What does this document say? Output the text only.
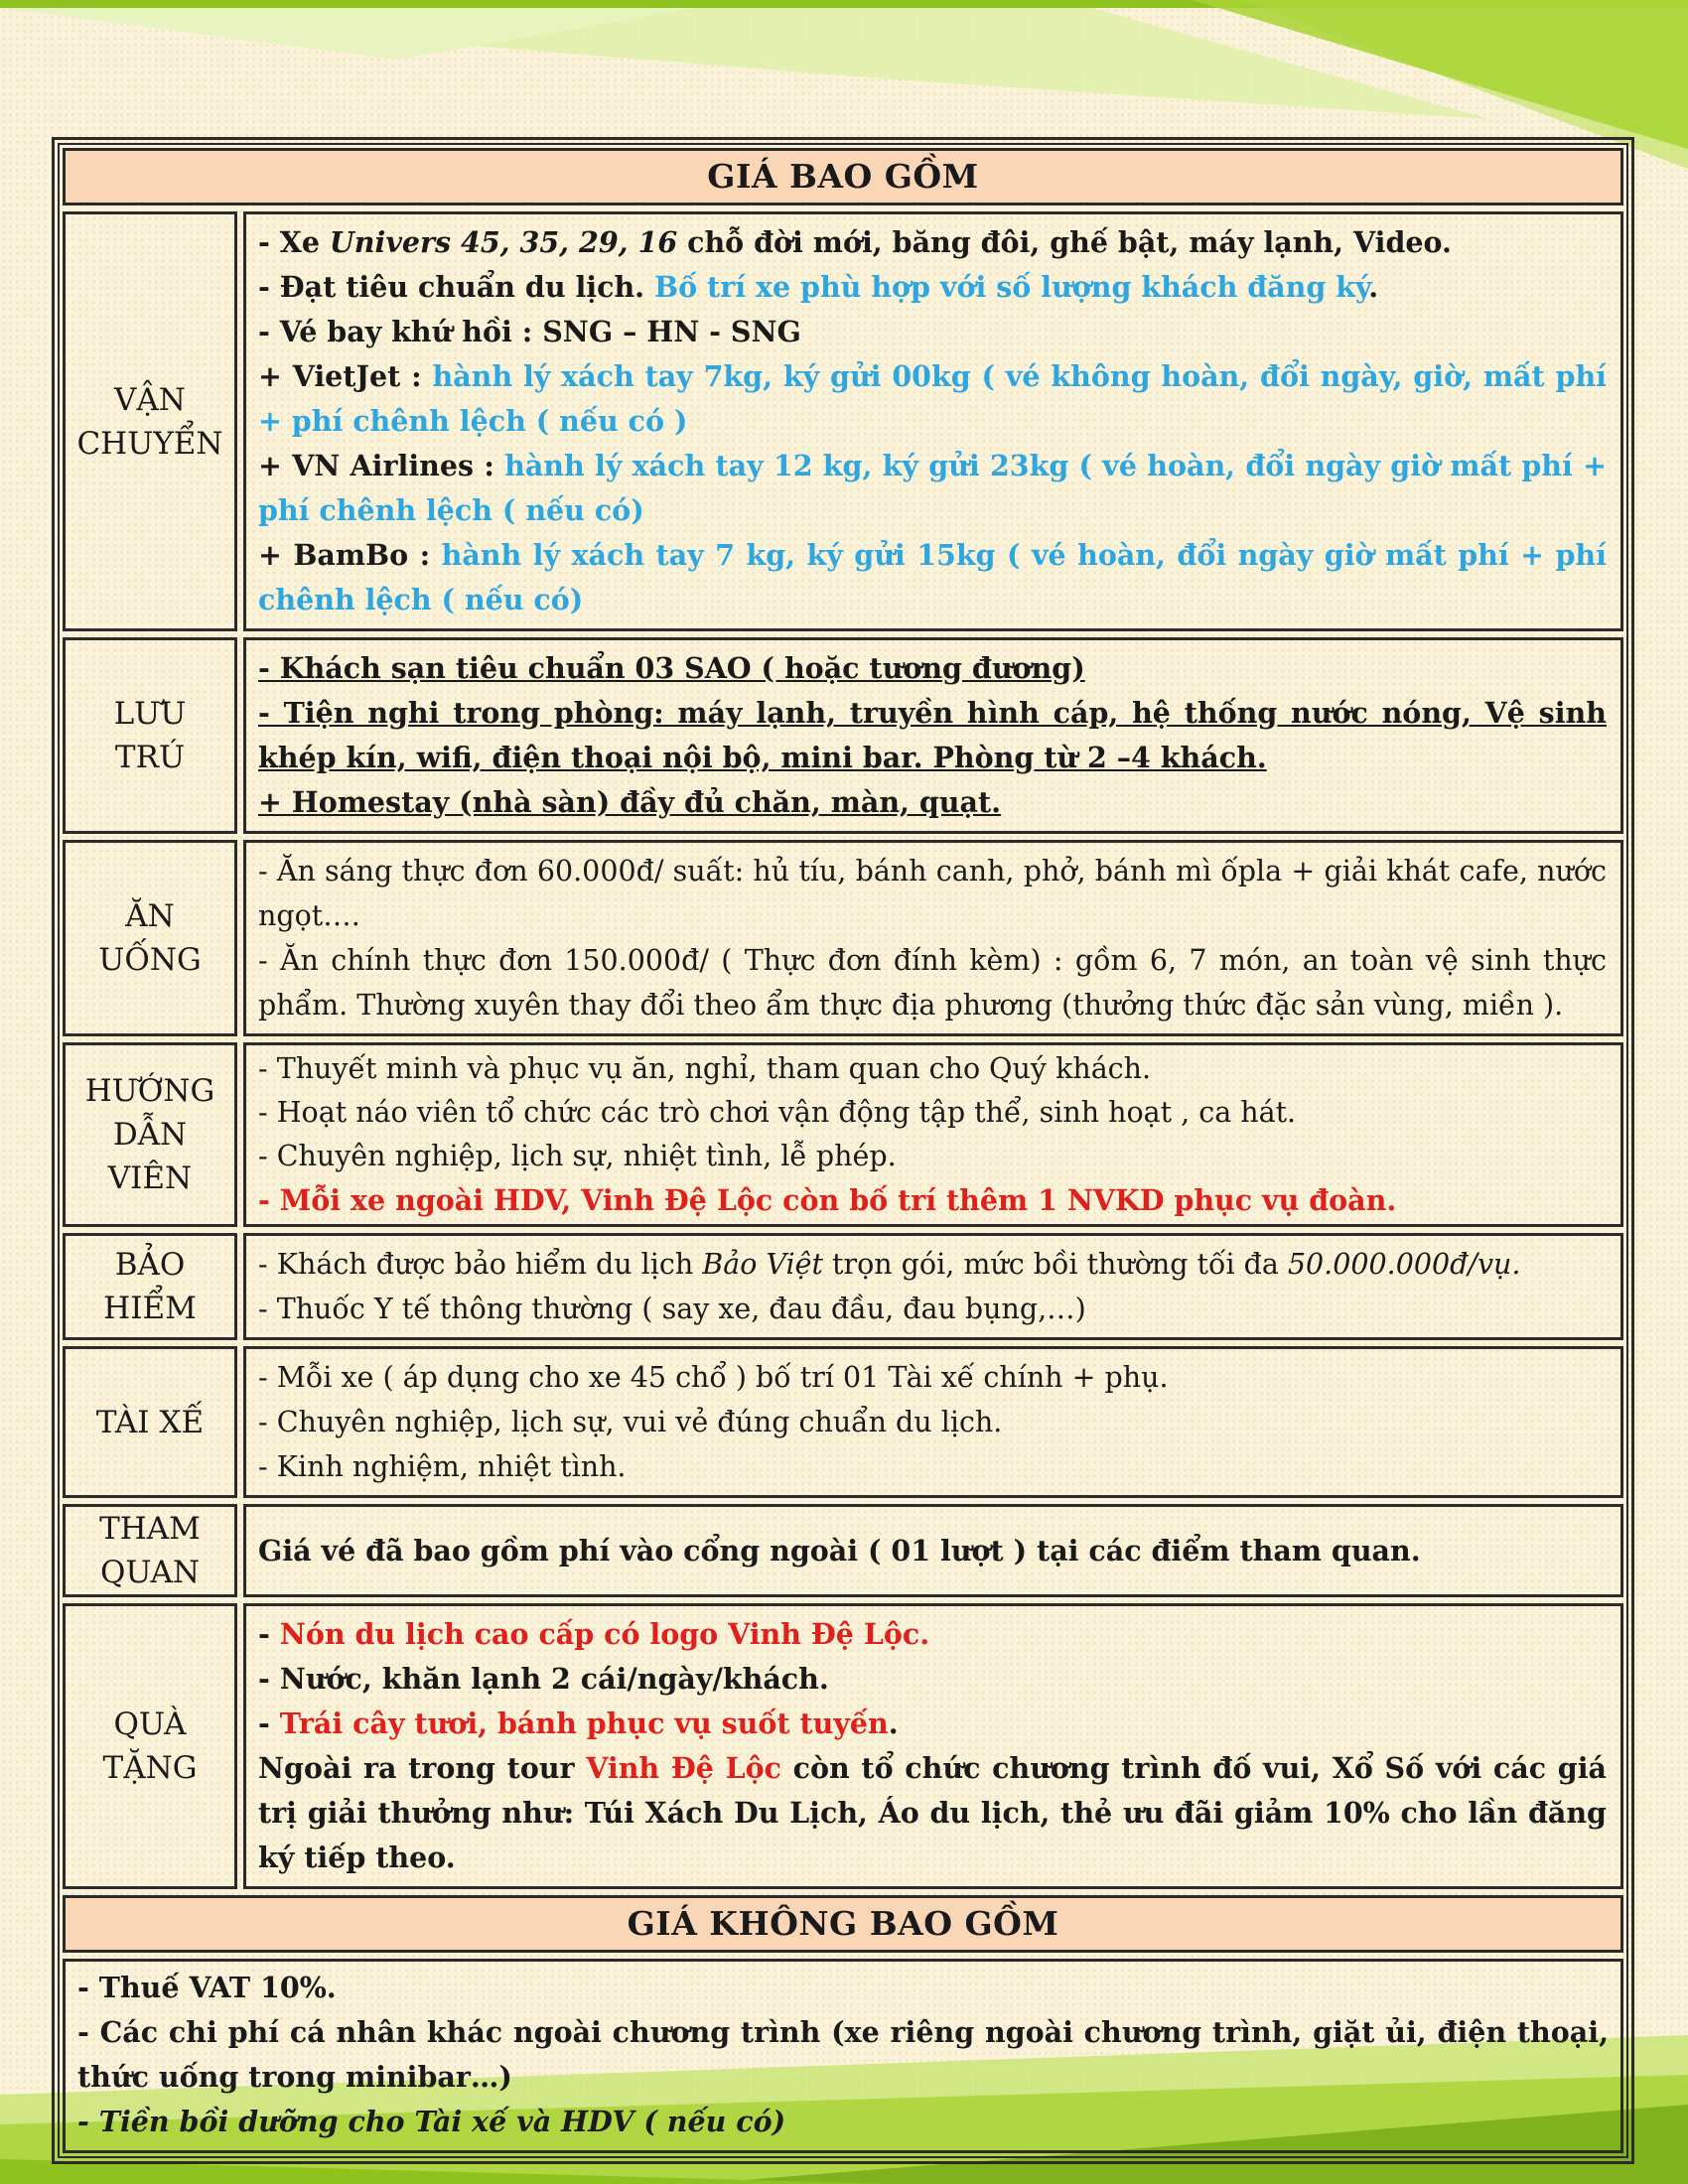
GIÁ BAO GỒM
VẬN
CHUYỂN

- Xe Univers 45, 35, 29, 16 chỗ đời mới, băng đôi, ghế bật, máy lạnh, Video.

- Đạt tiêu chuẩn du lịch. Bố trí xe phù hợp với số lượng khách đăng ký.

- Vé bay khứ hồi : SNG – HN - SNG

+ VietJet : hành lý xách tay 7kg, ký gửi 00kg ( vé không hoàn, đổi ngày, giờ, mất phí + phí chênh lệch ( nếu có )

+ VN Airlines : hành lý xách tay 12 kg, ký gửi 23kg ( vé hoàn, đổi ngày giờ mất phí + phí chênh lệch ( nếu có)

+ BamBo : hành lý xách tay 7 kg, ký gửi 15kg ( vé hoàn, đổi ngày giờ mất phí + phí chênh lệch ( nếu có)

LƯU
TRÚ

- Khách sạn tiêu chuẩn 03 SAO ( hoặc tương đương)

- Tiện nghi trong phòng: máy lạnh, truyền hình cáp, hệ thống nước nóng, Vệ sinh khép kín, wifi, điện thoại nội bộ, mini bar. Phòng từ 2 –4 khách.

+ Homestay (nhà sàn) đầy đủ chăn, màn, quạt.

ĂN
UỐNG

- Ăn sáng thực đơn 60.000đ/ suất: hủ tíu, bánh canh, phở, bánh mì ốpla + giải khát cafe, nước ngọt….

- Ăn chính thực đơn 150.000đ/ ( Thực đơn đính kèm) : gồm 6, 7 món, an toàn vệ sinh thực phẩm. Thường xuyên thay đổi theo ẩm thực địa phương (thưởng thức đặc sản vùng, miền ).

HƯỚNG
DẪN
VIÊN

- Thuyết minh và phục vụ ăn, nghỉ, tham quan cho Quý khách.

- Hoạt náo viên tổ chức các trò chơi vận động tập thể, sinh hoạt , ca hát.

- Chuyên nghiệp, lịch sự, nhiệt tình, lễ phép.

- Mỗi xe ngoài HDV, Vinh Đệ Lộc còn bố trí thêm 1 NVKD phục vụ đoàn.

BẢO
HIỂM

- Khách được bảo hiểm du lịch Bảo Việt trọn gói, mức bồi thường tối đa 50.000.000đ/vụ.

- Thuốc Y tế thông thường ( say xe, đau đầu, đau bụng,…)

TÀI XẾ

- Mỗi xe ( áp dụng cho xe 45 chổ ) bố trí 01 Tài xế chính + phụ.

- Chuyên nghiệp, lịch sự, vui vẻ đúng chuẩn du lịch.

- Kinh nghiệm, nhiệt tình.

THAM
QUAN

Giá vé đã bao gồm phí vào cổng ngoài ( 01 lượt ) tại các điểm tham quan.

QUÀ
TẶNG

- Nón du lịch cao cấp có logo Vinh Đệ Lộc.

- Nước, khăn lạnh 2 cái/ngày/khách.

- Trái cây tươi, bánh phục vụ suốt tuyến.

Ngoài ra trong tour Vinh Đệ Lộc còn tổ chức chương trình đố vui, Xổ Số với các giá trị giải thưởng như: Túi Xách Du Lịch, Áo du lịch, thẻ ưu đãi giảm 10% cho lần đăng ký tiếp theo.

GIÁ KHÔNG BAO GỒM

- Thuế VAT 10%.

- Các chi phí cá nhân khác ngoài chương trình (xe riêng ngoài chương trình, giặt ủi, điện thoại, thức uống trong minibar…)

- Tiền bồi dưỡng cho Tài xế và HDV ( nếu có)
